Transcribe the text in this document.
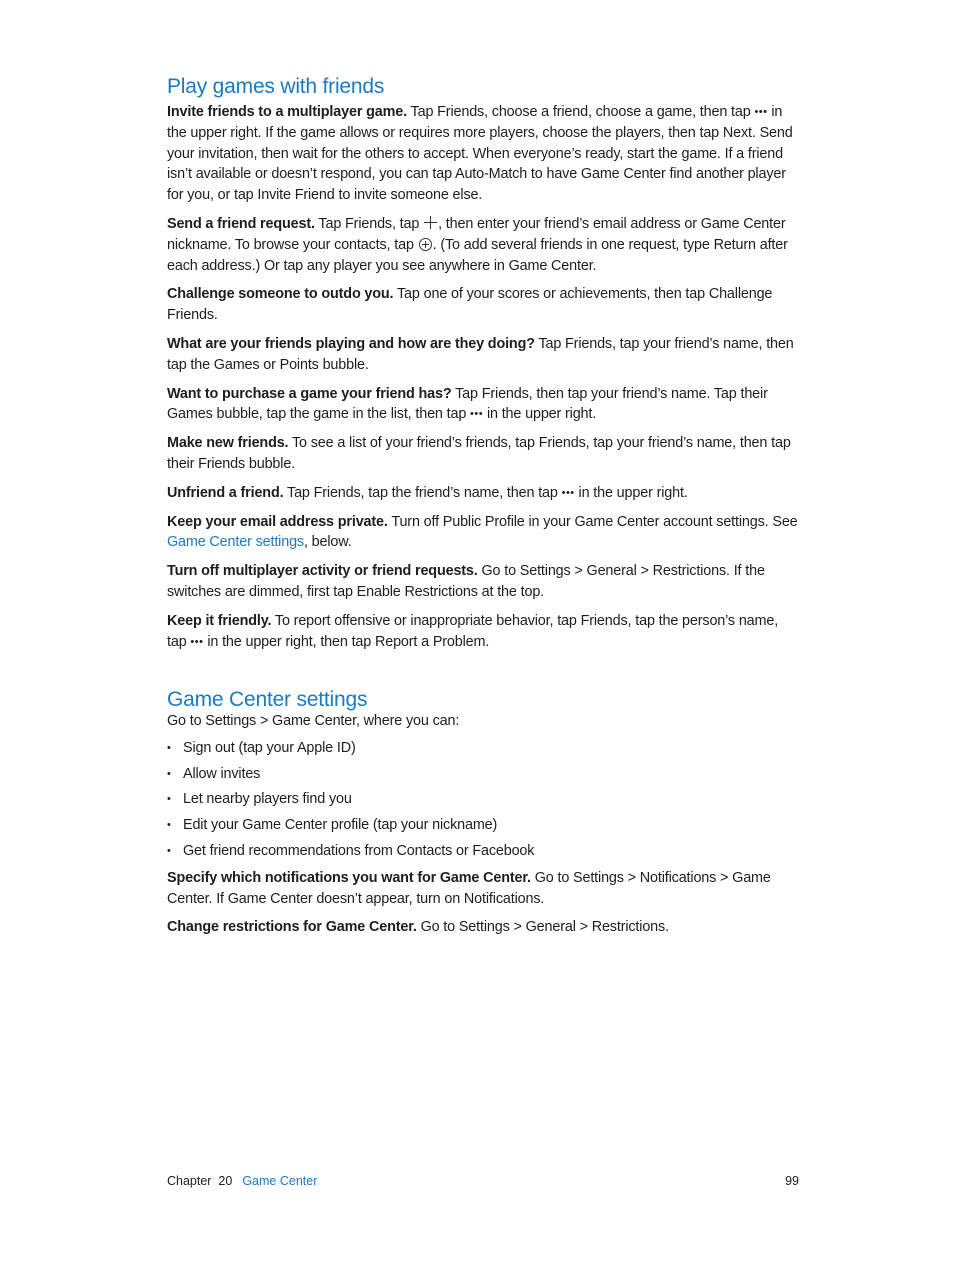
Play games with friends

Invite friends to a multiplayer game. Tap Friends, choose a friend, choose a game, then tap ••• in the upper right. If the game allows or requires more players, choose the players, then tap Next. Send your invitation, then wait for the others to accept. When everyone’s ready, start the game. If a friend isn’t available or doesn’t respond, you can tap Auto-Match to have Game Center find another player for you, or tap Invite Friend to invite someone else.

Send a friend request. Tap Friends, tap , then enter your friend’s email address or Game Center nickname. To browse your contacts, tap . (To add several friends in one request, type Return after each address.) Or tap any player you see anywhere in Game Center.

Challenge someone to outdo you. Tap one of your scores or achievements, then tap Challenge Friends.

What are your friends playing and how are they doing? Tap Friends, tap your friend’s name, then tap the Games or Points bubble.

Want to purchase a game your friend has? Tap Friends, then tap your friend’s name. Tap their Games bubble, tap the game in the list, then tap ••• in the upper right.

Make new friends. To see a list of your friend’s friends, tap Friends, tap your friend’s name, then tap their Friends bubble.

Unfriend a friend. Tap Friends, tap the friend’s name, then tap ••• in the upper right.

Keep your email address private. Turn off Public Profile in your Game Center account settings. See Game Center settings, below.

Turn off multiplayer activity or friend requests. Go to Settings > General > Restrictions. If the switches are dimmed, first tap Enable Restrictions at the top.

Keep it friendly. To report offensive or inappropriate behavior, tap Friends, tap the person’s name, tap ••• in the upper right, then tap Report a Problem.

Game Center settings

Go to Settings > Game Center, where you can:

• Sign out (tap your Apple ID)
• Allow invites
• Let nearby players find you
• Edit your Game Center profile (tap your nickname)
• Get friend recommendations from Contacts or Facebook

Specify which notifications you want for Game Center. Go to Settings > Notifications > Game Center. If Game Center doesn’t appear, turn on Notifications.

Change restrictions for Game Center. Go to Settings > General > Restrictions.

Chapter  20 Game Center	99
